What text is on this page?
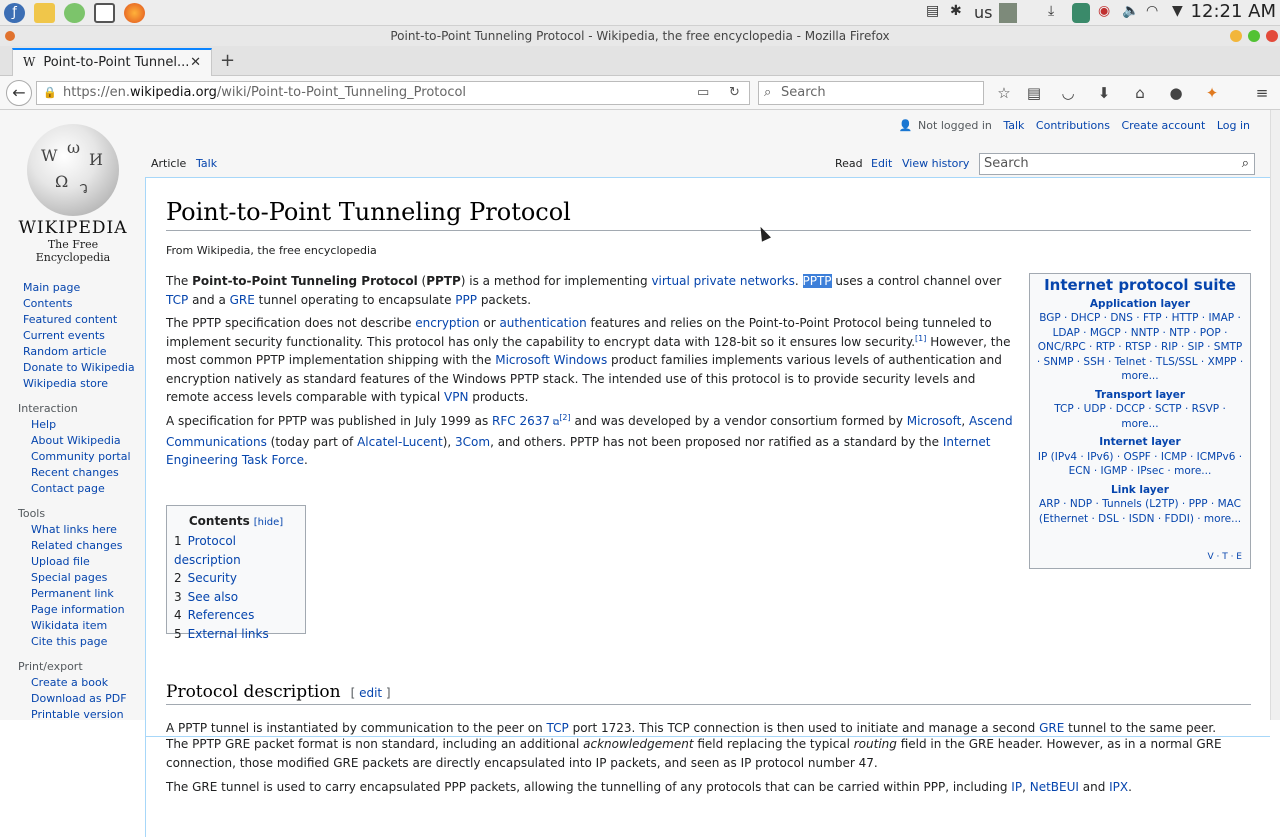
ƒ	▤ ✱ us	⤓	◉ 🔈 ◠ ▼ 12:21 AM
Point-to-Point Tunneling Protocol - Wikipedia, the free encyclopedia - Mozilla Firefox
W Point-to-Point Tunnel... ✕ +
←	🔒 https://en.wikipedia.org/wiki/Point-to-Point_Tunneling_Protocol	▭ ↻ ⌕ Search	☆ ▤ ◡ ⬇	⌂	● ✦ ≡
👤 Not logged in Talk Contributions Create account Log in
W ω
И
Ω ว
WIKIPEDIA
The Free Encyclopedia
Main page
Contents
Featured content
Current events
Random article
Donate to Wikipedia
Wikipedia store
Interaction
Help
About Wikipedia
Community portal
Recent changes
Contact page
Tools
What links here
Related changes
Upload file
Special pages
Permanent link
Page information
Wikidata item
Cite this page
Print/export
Create a book
Download as PDF
Printable version
Article Talk	Read Edit View history	Search	⌕
Point-to-Point Tunneling Protocol
From Wikipedia, the free encyclopedia
The Point-to-Point Tunneling Protocol (PPTP) is a method for implementing virtual private networks. PPTP uses a control channel over TCP and a GRE tunnel operating to encapsulate PPP packets.
The PPTP specification does not describe encryption or authentication features and relies on the Point-to-Point Protocol being tunneled to implement security functionality. This protocol has only the capability to encrypt data with 128-bit so it ensures low security.[1] However, the most common PPTP implementation shipping with the Microsoft Windows product families implements various levels of authentication and encryption natively as standard features of the Windows PPTP stack. The intended use of this protocol is to provide security levels and remote access levels comparable with typical VPN products.
A specification for PPTP was published in July 1999 as RFC 2637 ⧉[2] and was developed by a vendor consortium formed by Microsoft, Ascend Communications (today part of Alcatel-Lucent), 3Com, and others. PPTP has not been proposed nor ratified as a standard by the Internet Engineering Task Force.
Internet protocol suite
Application layer
BGP · DHCP · DNS · FTP · HTTP · IMAP · LDAP · MGCP · NNTP · NTP · POP · ONC/RPC · RTP · RTSP · RIP · SIP · SMTP · SNMP · SSH · Telnet · TLS/SSL · XMPP · more...
Transport layer
TCP · UDP · DCCP · SCTP · RSVP · more...
Internet layer
IP (IPv4 · IPv6) · OSPF · ICMP · ICMPv6 · ECN · IGMP · IPsec · more...
Link layer
ARP · NDP · Tunnels (L2TP) · PPP · MAC (Ethernet · DSL · ISDN · FDDI) · more...
V · T · E
Contents [hide]
1 Protocol description
2 Security
3 See also
4 References
5 External links
Protocol description [ edit ]
A PPTP tunnel is instantiated by communication to the peer on TCP port 1723. This TCP connection is then used to initiate and manage a second GRE tunnel to the same peer.
The PPTP GRE packet format is non standard, including an additional acknowledgement field replacing the typical routing field in the GRE header. However, as in a normal GRE connection, those modified GRE packets are directly encapsulated into IP packets, and seen as IP protocol number 47.
The GRE tunnel is used to carry encapsulated PPP packets, allowing the tunnelling of any protocols that can be carried within PPP, including IP, NetBEUI and IPX.
